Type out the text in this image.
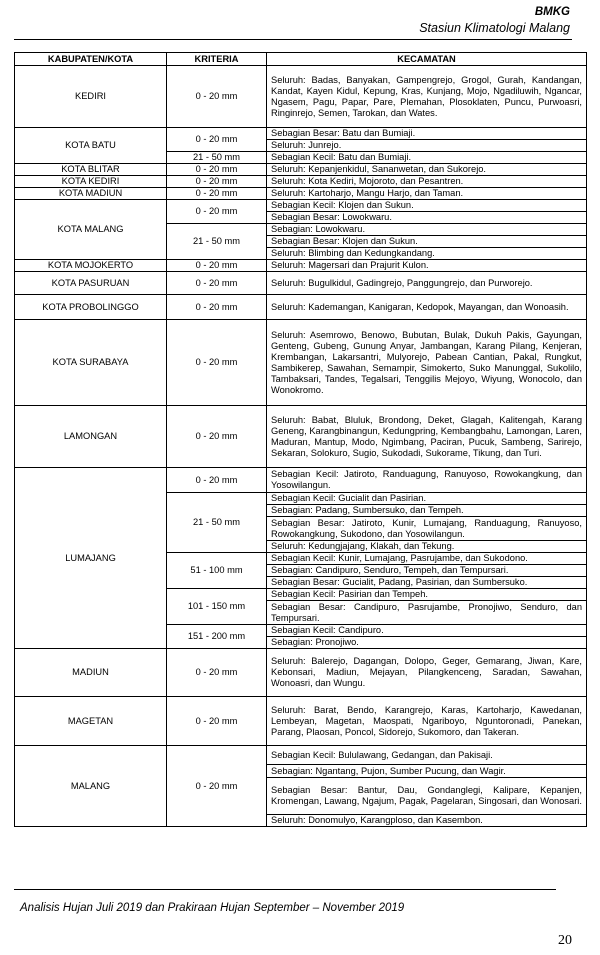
BMKG
Stasiun Klimatologi Malang
KABUPATEN/KOTA	KRITERIA	KECAMATAN
KEDIRI	0 - 20 mm	Seluruh: Badas, Banyakan, Gampengrejo, Grogol, Gurah, Kandangan, Kandat, Kayen Kidul, Kepung, Kras, Kunjang, Mojo, Ngadiluwih, Ngancar, Ngasem, Pagu, Papar, Pare, Plemahan, Plosoklaten, Puncu, Purwoasri, Ringinrejo, Semen, Tarokan, dan Wates.
KOTA BATU	0 - 20 mm	Sebagian Besar: Batu dan Bumiaji.
		Seluruh: Junrejo.
	21 - 50 mm	Sebagian Kecil: Batu dan Bumiaji.
KOTA BLITAR	0 - 20 mm	Seluruh: Kepanjenkidul, Sananwetan, dan Sukorejo.
KOTA KEDIRI	0 - 20 mm	Seluruh: Kota Kediri, Mojoroto, dan Pesantren.
KOTA MADIUN	0 - 20 mm	Seluruh: Kartoharjo, Mangu Harjo, dan Taman.
KOTA MALANG	0 - 20 mm	Sebagian Kecil: Klojen dan Sukun.
		Sebagian Besar: Lowokwaru.
	21 - 50 mm	Sebagian: Lowokwaru.
		Sebagian Besar: Klojen dan Sukun.
		Seluruh: Blimbing dan Kedungkandang.
KOTA MOJOKERTO	0 - 20 mm	Seluruh: Magersari dan Prajurit Kulon.
KOTA PASURUAN	0 - 20 mm	Seluruh: Bugulkidul, Gadingrejo, Panggungrejo, dan Purworejo.
KOTA PROBOLINGGO	0 - 20 mm	Seluruh: Kademangan, Kanigaran, Kedopok, Mayangan, dan Wonoasih.
KOTA SURABAYA	0 - 20 mm	Seluruh: Asemrowo, Benowo, Bubutan, Bulak, Dukuh Pakis, Gayungan, Genteng, Gubeng, Gunung Anyar, Jambangan, Karang Pilang, Kenjeran, Krembangan, Lakarsantri, Mulyorejo, Pabean Cantian, Pakal, Rungkut, Sambikerep, Sawahan, Semampir, Simokerto, Suko Manunggal, Sukolilo, Tambaksari, Tandes, Tegalsari, Tenggilis Mejoyo, Wiyung, Wonocolo, dan Wonokromo.
LAMONGAN	0 - 20 mm	Seluruh: Babat, Bluluk, Brondong, Deket, Glagah, Kalitengah, Karang Geneng, Karangbinangun, Kedungpring, Kembangbahu, Lamongan, Laren, Maduran, Mantup, Modo, Ngimbang, Paciran, Pucuk, Sambeng, Sarirejo, Sekaran, Solokuro, Sugio, Sukodadi, Sukorame, Tikung, dan Turi.
LUMAJANG	0 - 20 mm	Sebagian Kecil: Jatiroto, Randuagung, Ranuyoso, Rowokangkung, dan Yosowilangun.
	21 - 50 mm	Sebagian Kecil: Gucialit dan Pasirian.
		Sebagian: Padang, Sumbersuko, dan Tempeh.
		Sebagian Besar: Jatiroto, Kunir, Lumajang, Randuagung, Ranuyoso, Rowokangkung, Sukodono, dan Yosowilangun.
		Seluruh: Kedungjajang, Klakah, dan Tekung.
	51 - 100 mm	Sebagian Kecil: Kunir, Lumajang, Pasrujambe, dan Sukodono.
		Sebagian: Candipuro, Senduro, Tempeh, dan Tempursari.
		Sebagian Besar: Gucialit, Padang, Pasirian, dan Sumbersuko.
	101 - 150 mm	Sebagian Kecil: Pasirian dan Tempeh.
		Sebagian Besar: Candipuro, Pasrujambe, Pronojiwo, Senduro, dan Tempursari.
	151 - 200 mm	Sebagian Kecil: Candipuro.
		Sebagian: Pronojiwo.
MADIUN	0 - 20 mm	Seluruh: Balerejo, Dagangan, Dolopo, Geger, Gemarang, Jiwan, Kare, Kebonsari, Madiun, Mejayan, Pilangkenceng, Saradan, Sawahan, Wonoasri, dan Wungu.
MAGETAN	0 - 20 mm	Seluruh: Barat, Bendo, Karangrejo, Karas, Kartoharjo, Kawedanan, Lembeyan, Magetan, Maospati, Ngariboyo, Nguntoronadi, Panekan, Parang, Plaosan, Poncol, Sidorejo, Sukomoro, dan Takeran.
MALANG	0 - 20 mm	Sebagian Kecil: Bululawang, Gedangan, dan Pakisaji.
		Sebagian: Ngantang, Pujon, Sumber Pucung, dan Wagir.
		Sebagian Besar: Bantur, Dau, Gondanglegi, Kalipare, Kepanjen, Kromengan, Lawang, Ngajum, Pagak, Pagelaran, Singosari, dan Wonosari.
		Seluruh: Donomulyo, Karangploso, dan Kasembon.
Analisis Hujan Juli 2019 dan Prakiraan Hujan September – November 2019
20
